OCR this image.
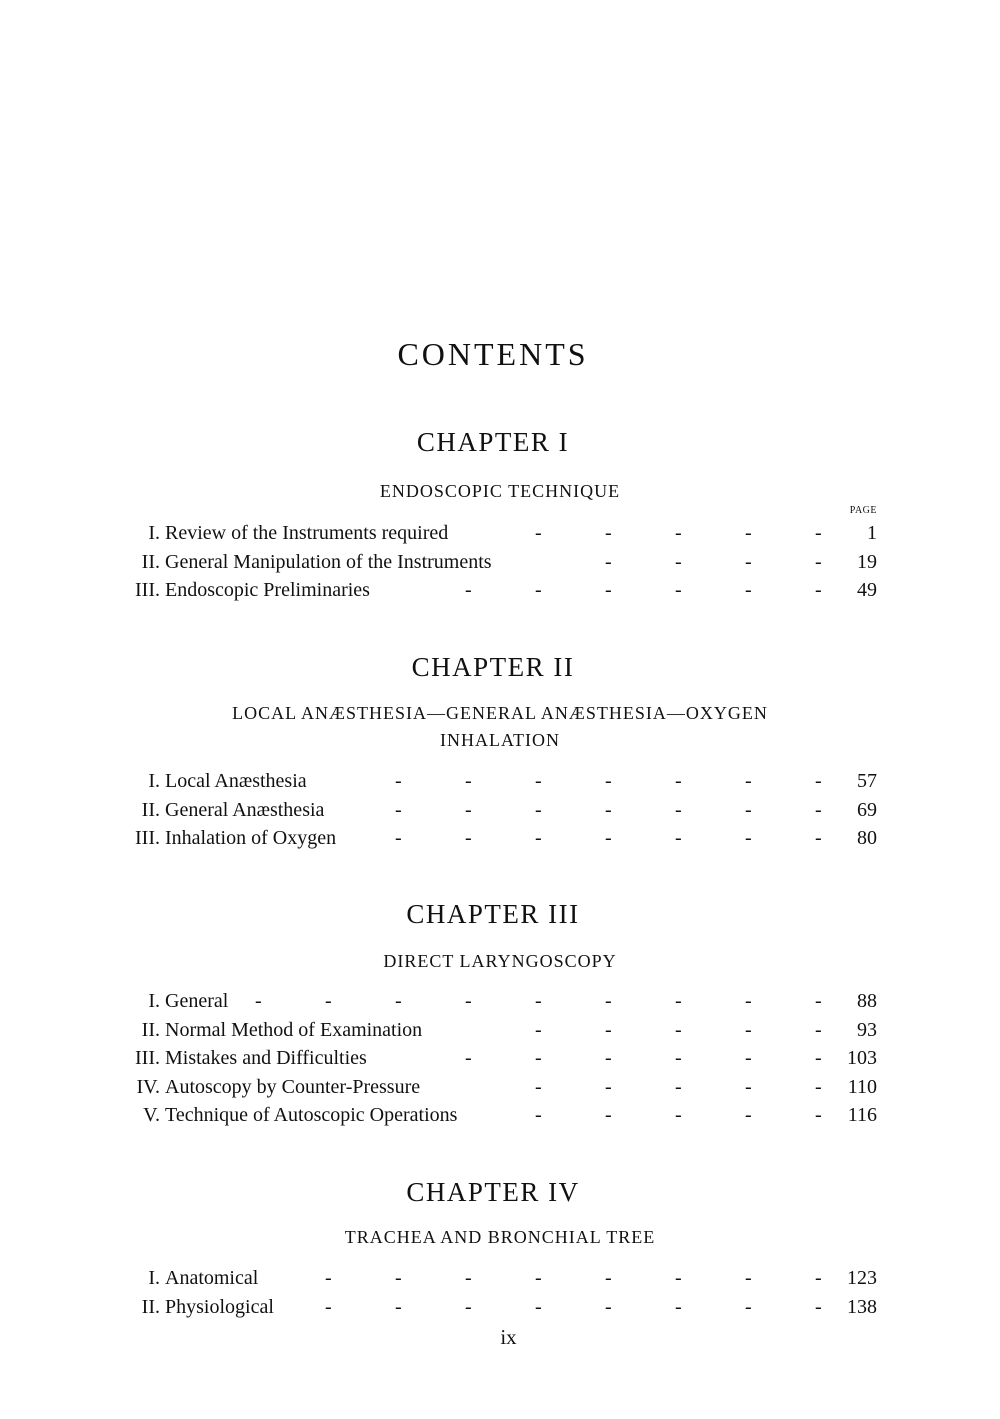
CONTENTS
CHAPTER I
ENDOSCOPIC TECHNIQUE
PAGE
I. Review of the Instruments required	-	-	-	-	- 1
II. General Manipulation of the Instruments	-	-	-	- 19
III. Endoscopic Preliminaries	-	-	-	-	-	- 49
CHAPTER II
LOCAL ANÆSTHESIA—GENERAL ANÆSTHESIA—OXYGEN
INHALATION
I. Local Anæsthesia	-	-	-	-	-	-	- 57
II. General Anæsthesia	-	-	-	-	-	-	- 69
III. Inhalation of Oxygen	-	-	-	-	-	-	- 80
CHAPTER III
DIRECT LARYNGOSCOPY
I. General -	-	-	-	-	-	-	-	- 88
II. Normal Method of Examination	-	-	-	-	- 93
III. Mistakes and Difficulties	-	-	-	-	-	- 103
IV. Autoscopy by Counter-Pressure	-	-	-	-	- 110
V. Technique of Autoscopic Operations	-	-	-	-	- 116
CHAPTER IV
TRACHEA AND BRONCHIAL TREE
I. Anatomical	-	-	-	-	-	-	-	- 123
II. Physiological	-	-	-	-	-	-	-	- 138
ix
